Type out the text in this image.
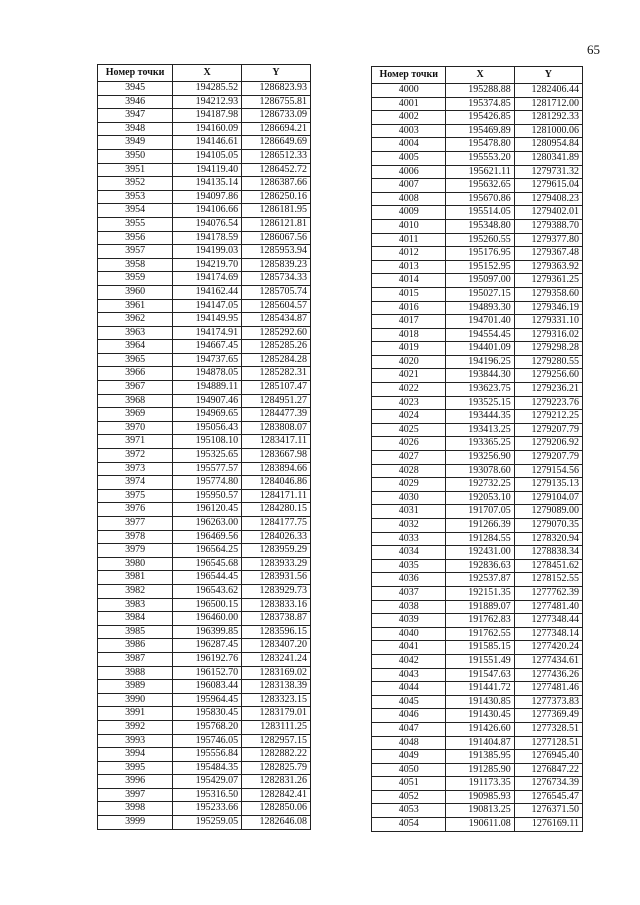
65
Номер точки	X	Y
3945	194285.52	1286823.93
3946	194212.93	1286755.81
3947	194187.98	1286733.09
3948	194160.09	1286694.21
3949	194146.61	1286649.69
3950	194105.05	1286512.33
3951	194119.40	1286452.72
3952	194135.14	1286387.66
3953	194097.86	1286250.16
3954	194106.66	1286181.95
3955	194076.54	1286121.81
3956	194178.59	1286067.56
3957	194199.03	1285953.94
3958	194219.70	1285839.23
3959	194174.69	1285734.33
3960	194162.44	1285705.74
3961	194147.05	1285604.57
3962	194149.95	1285434.87
3963	194174.91	1285292.60
3964	194667.45	1285285.26
3965	194737.65	1285284.28
3966	194878.05	1285282.31
3967	194889.11	1285107.47
3968	194907.46	1284951.27
3969	194969.65	1284477.39
3970	195056.43	1283808.07
3971	195108.10	1283417.11
3972	195325.65	1283667.98
3973	195577.57	1283894.66
3974	195774.80	1284046.86
3975	195950.57	1284171.11
3976	196120.45	1284280.15
3977	196263.00	1284177.75
3978	196469.56	1284026.33
3979	196564.25	1283959.29
3980	196545.68	1283933.29
3981	196544.45	1283931.56
3982	196543.62	1283929.73
3983	196500.15	1283833.16
3984	196460.00	1283738.87
3985	196399.85	1283596.15
3986	196287.45	1283407.20
3987	196192.76	1283241.24
3988	196152.70	1283169.02
3989	196083.44	1283138.39
3990	195964.45	1283323.15
3991	195830.45	1283179.01
3992	195768.20	1283111.25
3993	195746.05	1282957.15
3994	195556.84	1282882.22
3995	195484.35	1282825.79
3996	195429.07	1282831.26
3997	195316.50	1282842.41
3998	195233.66	1282850.06
3999	195259.05	1282646.08
Номер точки	X	Y
4000	195288.88	1282406.44
4001	195374.85	1281712.00
4002	195426.85	1281292.33
4003	195469.89	1281000.06
4004	195478.80	1280954.84
4005	195553.20	1280341.89
4006	195621.11	1279731.32
4007	195632.65	1279615.04
4008	195670.86	1279408.23
4009	195514.05	1279402.01
4010	195348.80	1279388.70
4011	195260.55	1279377.80
4012	195176.95	1279367.48
4013	195152.95	1279363.92
4014	195097.00	1279361.25
4015	195027.15	1279358.60
4016	194893.30	1279346.19
4017	194701.40	1279331.10
4018	194554.45	1279316.02
4019	194401.09	1279298.28
4020	194196.25	1279280.55
4021	193844.30	1279256.60
4022	193623.75	1279236.21
4023	193525.15	1279223.76
4024	193444.35	1279212.25
4025	193413.25	1279207.79
4026	193365.25	1279206.92
4027	193256.90	1279207.79
4028	193078.60	1279154.56
4029	192732.25	1279135.13
4030	192053.10	1279104.07
4031	191707.05	1279089.00
4032	191266.39	1279070.35
4033	191284.55	1278320.94
4034	192431.00	1278838.34
4035	192836.63	1278451.62
4036	192537.87	1278152.55
4037	192151.35	1277762.39
4038	191889.07	1277481.40
4039	191762.83	1277348.44
4040	191762.55	1277348.14
4041	191585.15	1277420.24
4042	191551.49	1277434.61
4043	191547.63	1277436.26
4044	191441.72	1277481.46
4045	191430.85	1277373.83
4046	191430.45	1277369.49
4047	191426.60	1277328.51
4048	191404.87	1277128.51
4049	191385.95	1276945.40
4050	191285.90	1276847.22
4051	191173.35	1276734.39
4052	190985.93	1276545.47
4053	190813.25	1276371.50
4054	190611.08	1276169.11
